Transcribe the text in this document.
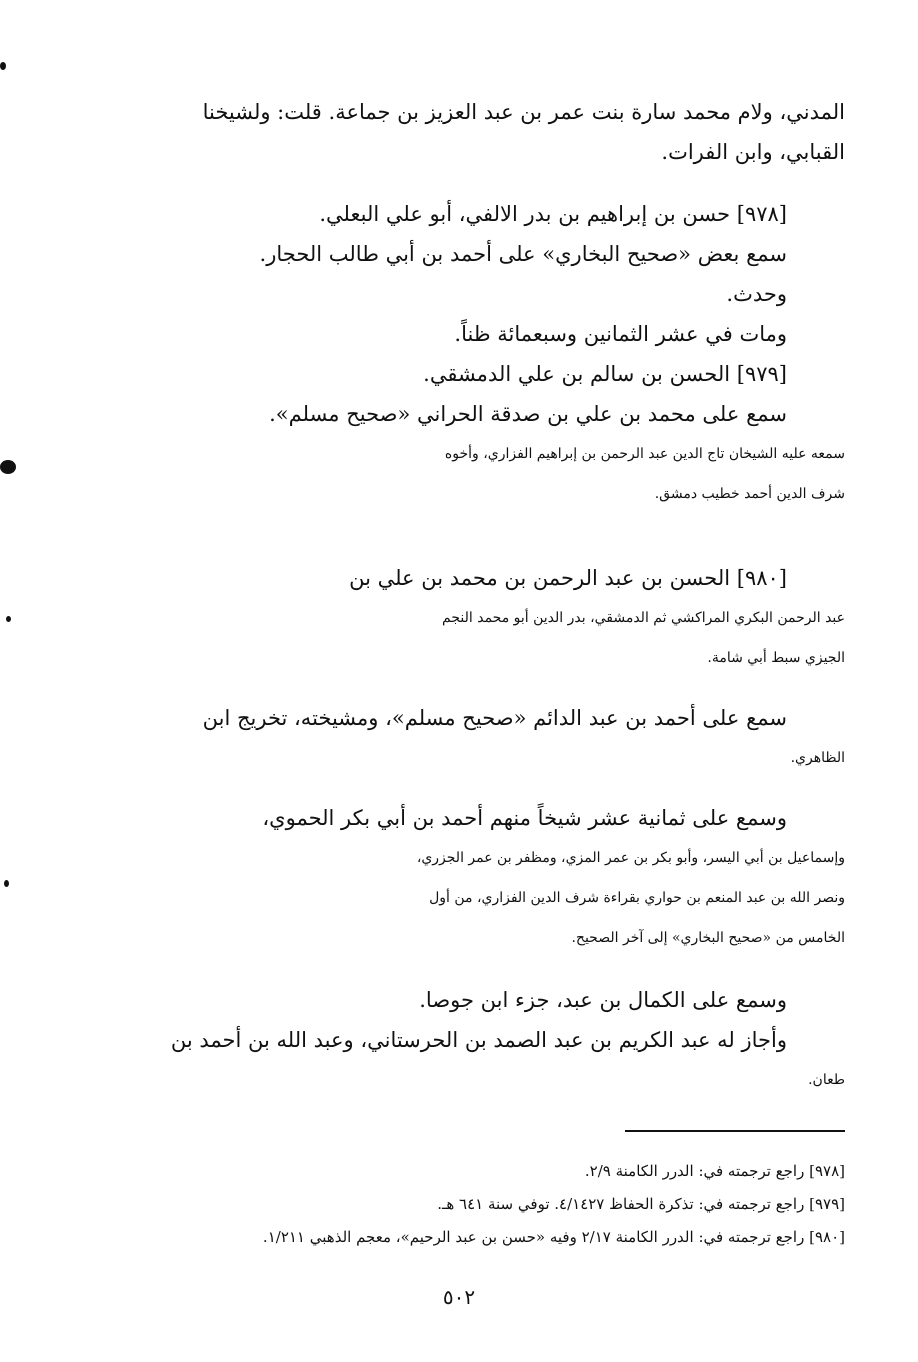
المدني، ولام محمد سارة بنت عمر بن عبد العزيز بن جماعة. قلت: ولشيخنا
القبابي، وابن الفرات.
[٩٧٨] حسن بن إبراهيم بن بدر الالفي، أبو علي البعلي.
سمع بعض «صحيح البخاري» على أحمد بن أبي طالب الحجار.
وحدث.
ومات في عشر الثمانين وسبعمائة ظناً.
[٩٧٩] الحسن بن سالم بن علي الدمشقي.
سمع على محمد بن علي بن صدقة الحراني «صحيح مسلم».
سمعه عليه الشيخان تاج الدين عبد الرحمن بن إبراهيم الفزاري، وأخوه
شرف الدين أحمد خطيب دمشق.
[٩٨٠] الحسن بن عبد الرحمن بن محمد بن علي بن
عبد الرحمن البكري المراكشي ثم الدمشقي، بدر الدين أبو محمد النجم
الجيزي سبط أبي شامة.
سمع على أحمد بن عبد الدائم «صحيح مسلم»، ومشيخته، تخريج ابن
الظاهري.
وسمع على ثمانية عشر شيخاً منهم أحمد بن أبي بكر الحموي،
وإسماعيل بن أبي اليسر، وأبو بكر بن عمر المزي، ومظفر بن عمر الجزري،
ونصر الله بن عبد المنعم بن حواري بقراءة شرف الدين الفزاري، من أول
الخامس من «صحيح البخاري» إلى آخر الصحيح.
وسمع على الكمال بن عبد، جزء ابن جوصا.
وأجاز له عبد الكريم بن عبد الصمد بن الحرستاني، وعبد الله بن أحمد بن
طعان.
[٩٧٨] راجع ترجمته في: الدرر الكامنة ٢/٩.
[٩٧٩] راجع ترجمته في: تذكرة الحفاظ ٤/١٤٢٧. توفي سنة ٦٤١ هـ.
[٩٨٠] راجع ترجمته في: الدرر الكامنة ٢/١٧ وفيه «حسن بن عبد الرحيم»، معجم الذهبي ١/٢١١.
٥٠٢
